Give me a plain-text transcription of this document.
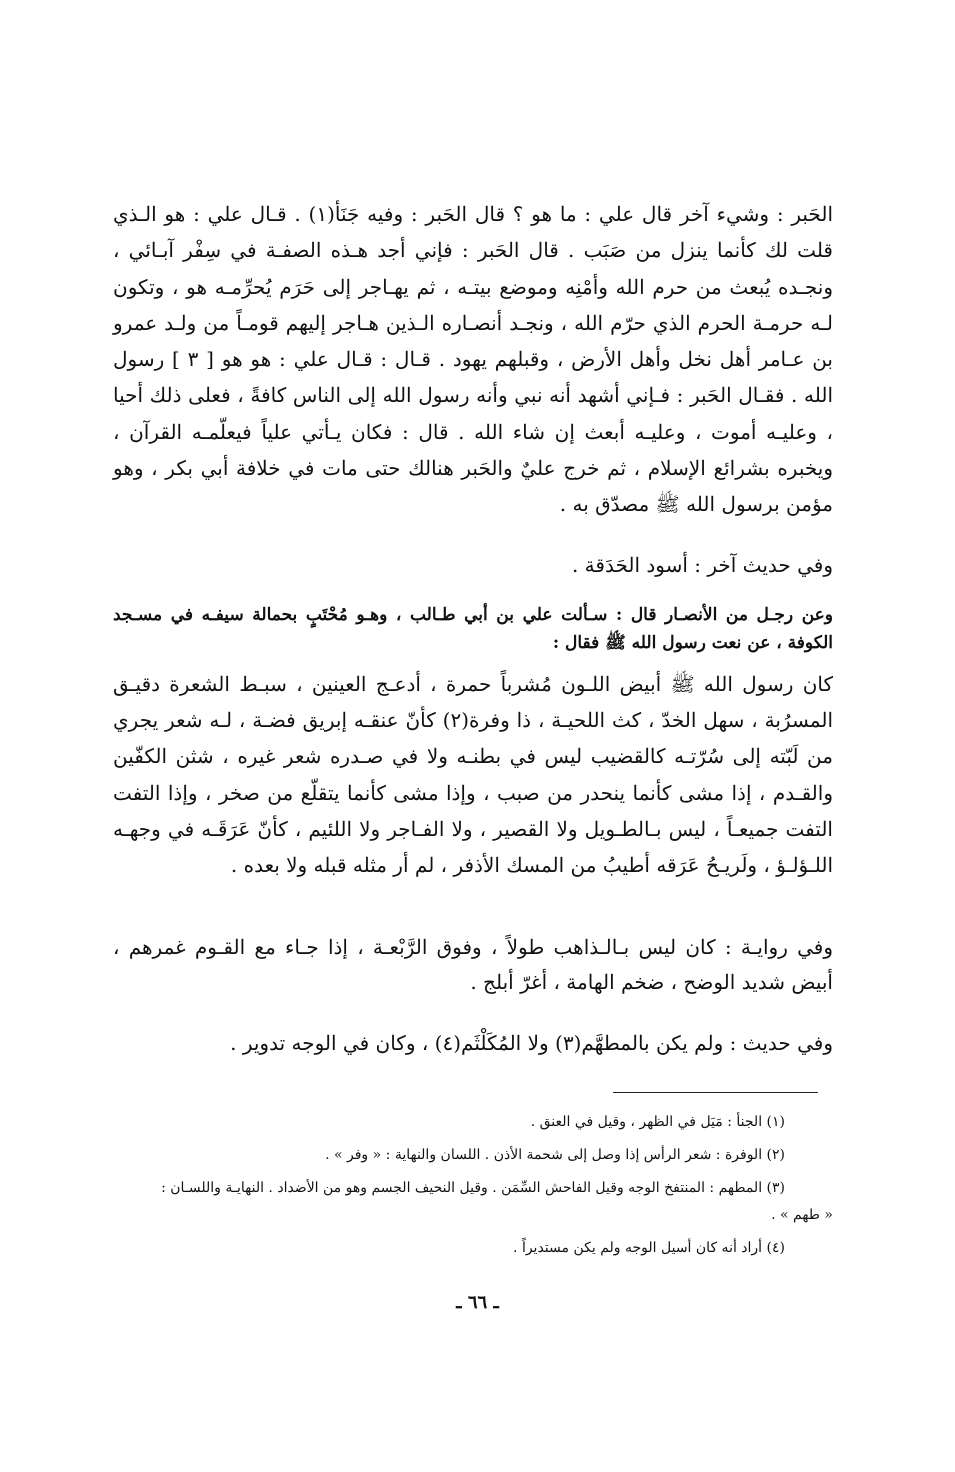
الحَبر : وشيء آخر قال علي : ما هو ؟ قال الحَبر : وفيه جَنَأ(١) . قـال علي : هو الـذي قلت لك كأنما ينزل من صَبَب . قال الحَبر : فإني أجد هـذه الصفـة في سِفْر آبـائي ، ونجـده يُبعث من حرم الله وأمْنِه وموضع بيتـه ، ثم يهـاجر إلى حَرَم يُحرِّمـه هو ، وتكون لـه حرمـة الحرم الذي حرّم الله ، ونجـد أنصـاره الـذين هـاجر إليهم قومـاً من ولـد عمرو بن عـامر أهل نخل وأهل الأرض ، وقبلهم يهود . قـال : قـال علي : هو هو [ ٣ ] رسول الله . فقـال الحَبر : فـإني أشهد أنه نبي وأنه رسول الله إلى الناس كافةً ، فعلى ذلك أحيا ، وعليـه أموت ، وعليـه أبعث إن شاء الله . قال : فكان يـأتي علياً فيعلّمـه القرآن ، ويخبره بشرائع الإسلام ، ثم خرج عليٌ والحَبر هنالك حتى مات في خلافة أبي بكر ، وهو مؤمن برسول الله ﷺ مصدّق به .

وفي حديث آخر : أسود الحَدَقة .

وعن رجـل من الأنصـار قال : سـألت علي بن أبي طـالب ، وهـو مُحْتَبٍ بحمالة سيفـه في مسـجد الكوفة ، عن نعت رسول الله ﷺ فقال :

كان رسول الله ﷺ أبيض اللـون مُشرباً حمرة ، أدعـج العينين ، سبـط الشعرة دقيـق المسرُبة ، سهل الخدّ ، كث اللحيـة ، ذا وفرة(٢) كأنّ عنقـه إبريق فضـة ، لـه شعر يجري من لَبّته إلى سُرّتـه كالقضيب ليس في بطنـه ولا في صـدره شعر غيره ، شثن الكفّين والقـدم ، إذا مشى كأنما ينحدر من صبب ، وإذا مشى كأنما يتقلّع من صخر ، وإذا التفت التفت جميعـاً ، ليس بـالطـويل ولا القصير ، ولا الفـاجر ولا اللئيم ، كأنّ عَرَقَـه في وجهـه اللـؤلـؤ ، ولَريـحُ عَرَقه أطيبُ من المسك الأذفر ، لم أر مثله قبله ولا بعده .

وفي روايـة : كان ليس بـالـذاهب طولاً ، وفوق الرَّبْعـة ، إذا جـاء مع القـوم غمرهم ، أبيض شديد الوضح ، ضخم الهامة ، أغرّ أبلج .

وفي حديث : ولم يكن بالمطهَّم(٣) ولا المُكَلْثَم(٤) ، وكان في الوجه تدوير .

(١) الجنأ : مَيَل في الظهر ، وقيل في العنق .

(٢) الوفرة : شعر الرأس إذا وصل إلى شحمة الأذن . اللسان والنهاية : « وفر » .

(٣) المطهم : المنتفخ الوجه وقيل الفاحش السِّمَن . وقيل النحيف الجسم وهو من الأضداد . النهايـة واللسـان :

« طهم » .

(٤) أراد أنه كان أسيل الوجه ولم يكن مستديراً .

ـ ٦٦ ـ
